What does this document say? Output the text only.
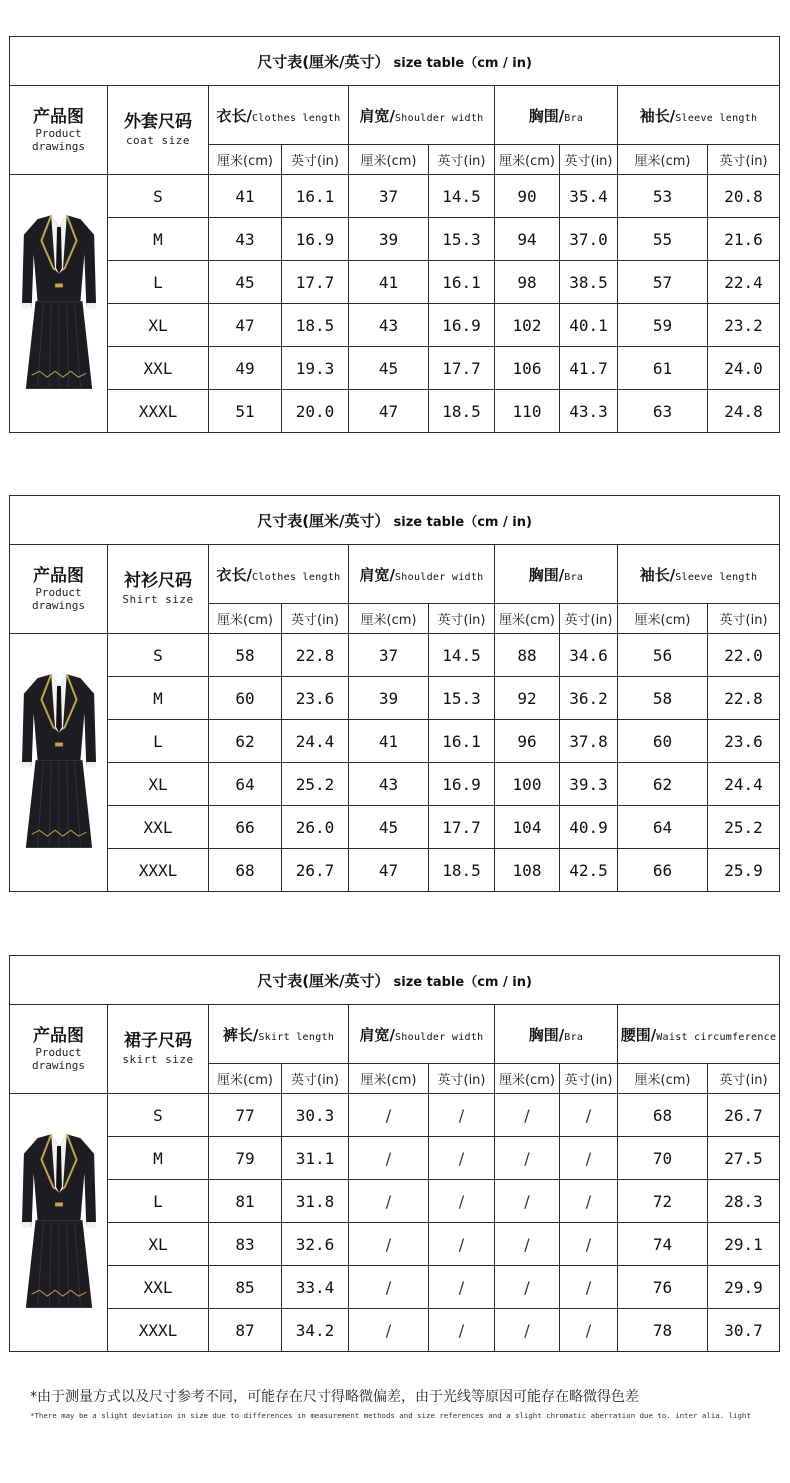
尺寸表(厘米/英寸） size table（cm / in)									

产品图
Product
drawings	外套尺码
coat size	衣长/Clothes length		肩宽/Shoulder width		胸围/Bra		袖长/Sleeve length	
		厘米(cm)	英寸(in)	厘米(cm)	英寸(in)	厘米(cm)	英寸(in)	厘米(cm)	英寸(in)

	S	41	16.1	37	14.5	90	35.4	53	20.8
	M	43	16.9	39	15.3	94	37.0	55	21.6
	L	45	17.7	41	16.1	98	38.5	57	22.4
	XL	47	18.5	43	16.9	102	40.1	59	23.2
	XXL	49	19.3	45	17.7	106	41.7	61	24.0
	XXXL	51	20.0	47	18.5	110	43.3	63	24.8
尺寸表(厘米/英寸） size table（cm / in)									

产品图
Product
drawings	衬衫尺码
Shirt size	衣长/Clothes length		肩宽/Shoulder width		胸围/Bra		袖长/Sleeve length	
		厘米(cm)	英寸(in)	厘米(cm)	英寸(in)	厘米(cm)	英寸(in)	厘米(cm)	英寸(in)

	S	58	22.8	37	14.5	88	34.6	56	22.0
	M	60	23.6	39	15.3	92	36.2	58	22.8
	L	62	24.4	41	16.1	96	37.8	60	23.6
	XL	64	25.2	43	16.9	100	39.3	62	24.4
	XXL	66	26.0	45	17.7	104	40.9	64	25.2
	XXXL	68	26.7	47	18.5	108	42.5	66	25.9
尺寸表(厘米/英寸） size table（cm / in)									

产品图
Product
drawings	裙子尺码
skirt size	裤长/Skirt length		肩宽/Shoulder width		胸围/Bra		腰围/Waist circumference	
		厘米(cm)	英寸(in)	厘米(cm)	英寸(in)	厘米(cm)	英寸(in)	厘米(cm)	英寸(in)

	S	77	30.3	/	/	/	/	68	26.7
	M	79	31.1	/	/	/	/	70	27.5
	L	81	31.8	/	/	/	/	72	28.3
	XL	83	32.6	/	/	/	/	74	29.1
	XXL	85	33.4	/	/	/	/	76	29.9
	XXXL	87	34.2	/	/	/	/	78	30.7

*由于测量方式以及尺寸参考不同，可能存在尺寸得略微偏差，由于光线等原因可能存在略微得色差

*There may be a slight deviation in size due to differences in measurement methods and size references and a slight chromatic aberration due to. inter alia. light
